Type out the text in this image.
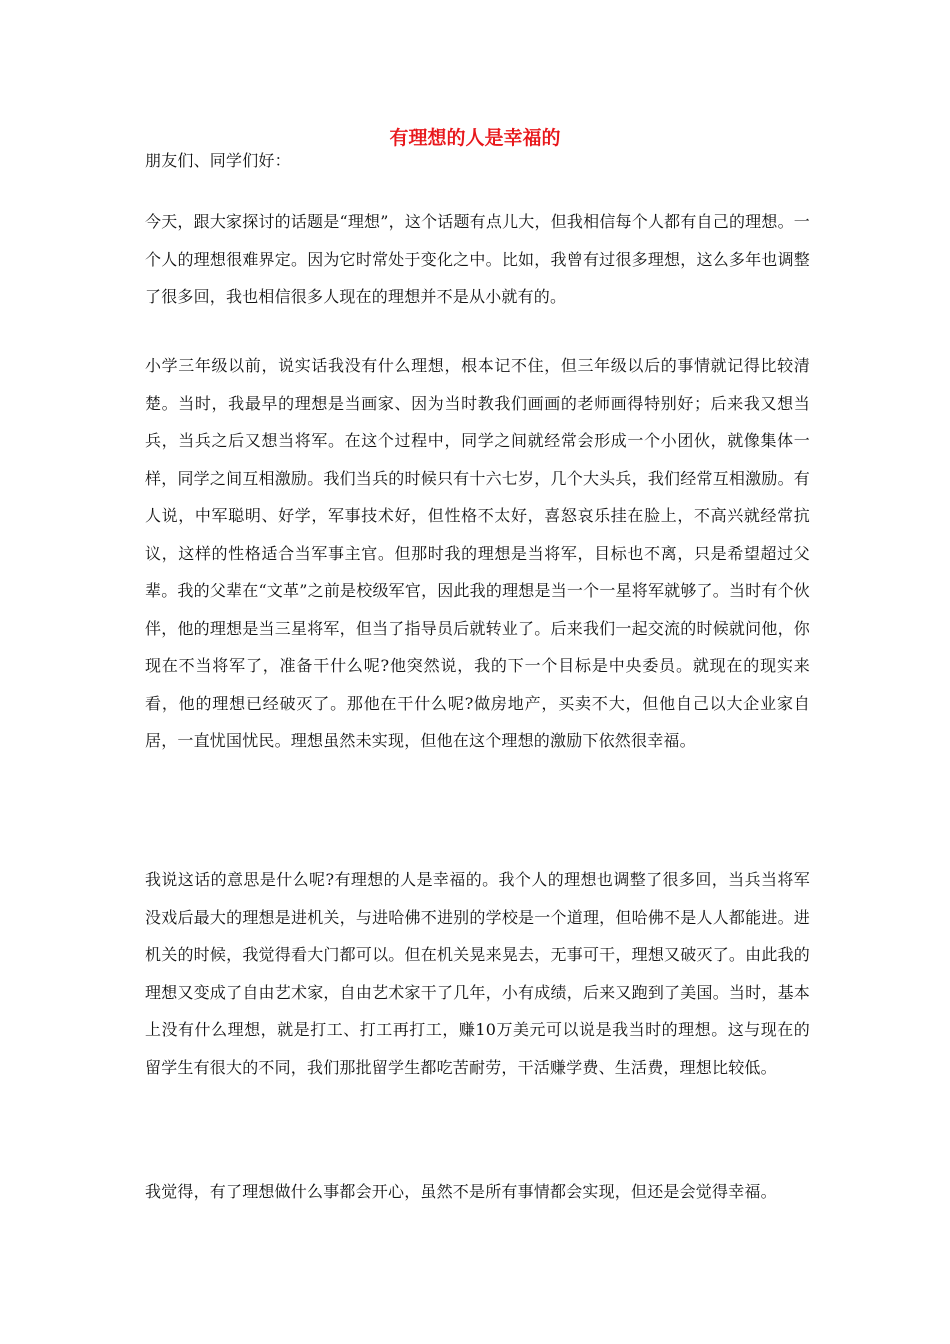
有理想的人是幸福的

朋友们、同学们好：

今天，跟大家探讨的话题是“理想”，这个话题有点儿大，但我相信每个人都有自己的理想。一个人的理想很难界定。因为它时常处于变化之中。比如，我曾有过很多理想，这么多年也调整了很多回，我也相信很多人现在的理想并不是从小就有的。

小学三年级以前，说实话我没有什么理想，根本记不住，但三年级以后的事情就记得比较清楚。当时，我最早的理想是当画家、因为当时教我们画画的老师画得特别好；后来我又想当兵，当兵之后又想当将军。在这个过程中，同学之间就经常会形成一个小团伙，就像集体一样，同学之间互相激励。我们当兵的时候只有十六七岁，几个大头兵，我们经常互相激励。有人说，中军聪明、好学，军事技术好，但性格不太好，喜怒哀乐挂在脸上，不高兴就经常抗议，这样的性格适合当军事主官。但那时我的理想是当将军，目标也不离，只是希望超过父辈。我的父辈在“文革”之前是校级军官，因此我的理想是当一个一星将军就够了。当时有个伙伴，他的理想是当三星将军，但当了指导员后就转业了。后来我们一起交流的时候就问他，你现在不当将军了，准备干什么呢?他突然说，我的下一个目标是中央委员。就现在的现实来看，他的理想已经破灭了。那他在干什么呢?做房地产，买卖不大，但他自己以大企业家自居，一直忧国忧民。理想虽然未实现，但他在这个理想的激励下依然很幸福。

我说这话的意思是什么呢?有理想的人是幸福的。我个人的理想也调整了很多回，当兵当将军没戏后最大的理想是进机关，与进哈佛不进别的学校是一个道理，但哈佛不是人人都能进。进机关的时候，我觉得看大门都可以。但在机关晃来晃去，无事可干，理想又破灭了。由此我的理想又变成了自由艺术家，自由艺术家干了几年，小有成绩，后来又跑到了美国。当时，基本上没有什么理想，就是打工、打工再打工，赚10万美元可以说是我当时的理想。这与现在的留学生有很大的不同，我们那批留学生都吃苦耐劳，干活赚学费、生活费，理想比较低。

我觉得，有了理想做什么事都会开心，虽然不是所有事情都会实现，但还是会觉得幸福。
